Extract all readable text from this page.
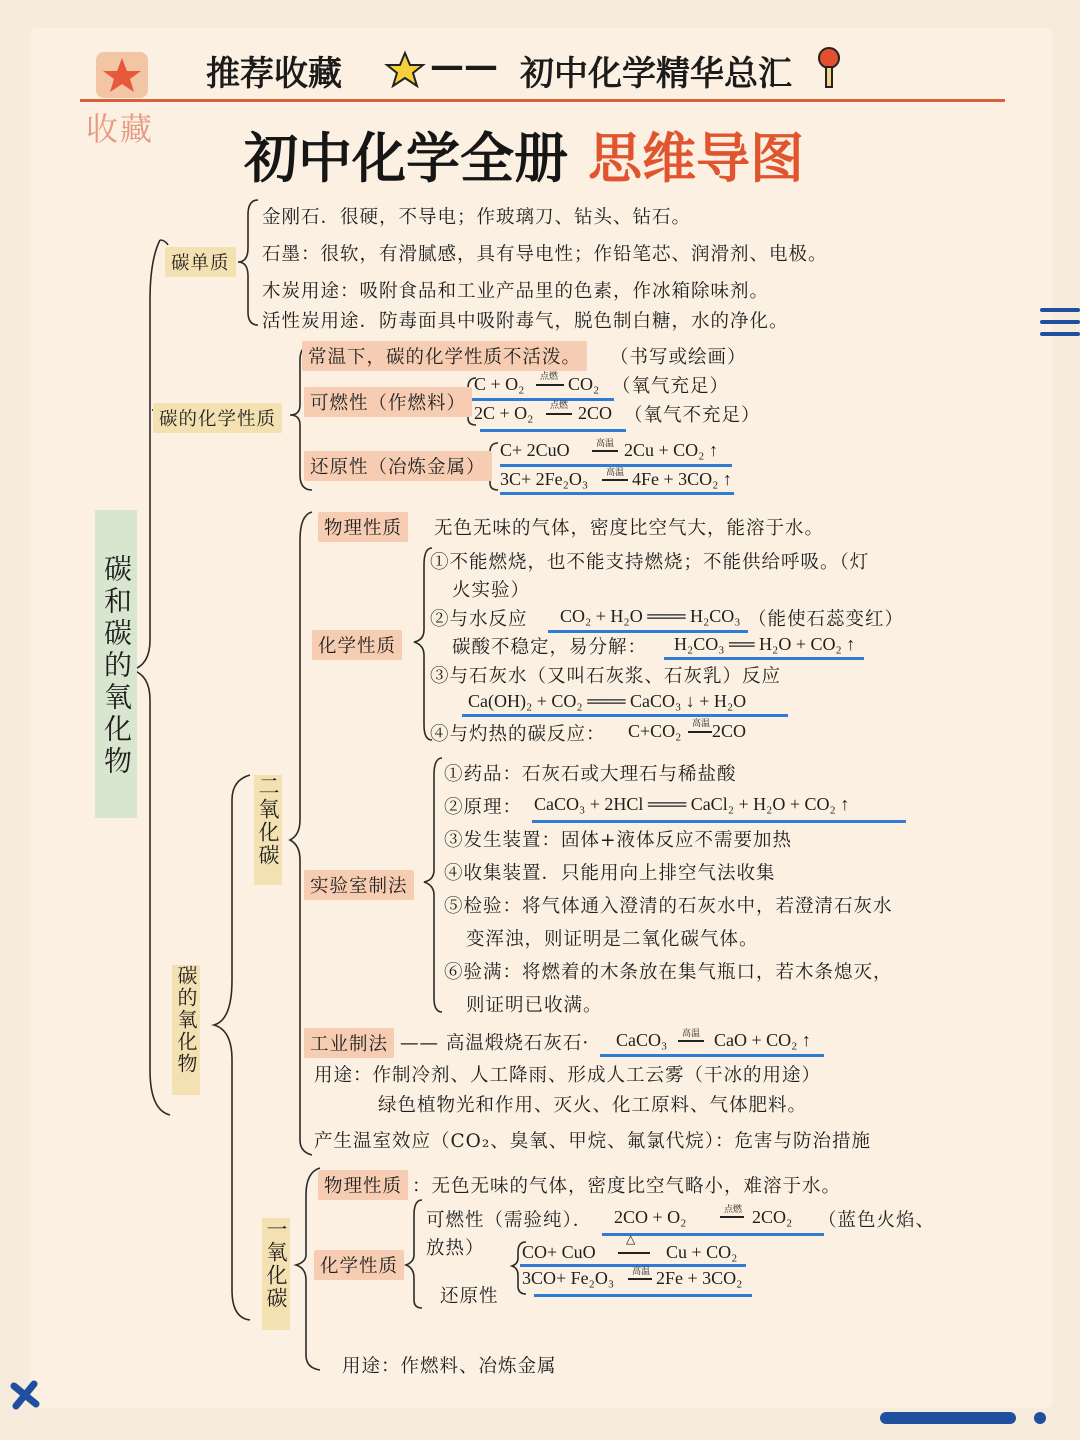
收藏
推荐收藏	—— 初中化学精华总汇
初中化学全册 思维导图
碳和碳的氧化物
碳单质
金刚石．很硬，不导电；作玻璃刀、钻头、钻石。
石墨：很软，有滑腻感，具有导电性；作铅笔芯、润滑剂、电极。
木炭用途：吸附食品和工业产品里的色素，作冰箱除味剂。
活性炭用途．防毒面具中吸附毒气，脱色制白糖，水的净化。
碳的化学性质
常温下，碳的化学性质不活泼。	（书写或绘画）
可燃性（作燃料）
C + O₂ 点燃 CO₂ （氧气充足）
2C + O₂ 点燃 2CO （氧气不充足）
还原性（冶炼金属）
C+ 2CuO	高温 2Cu + CO₂ ↑
3C+ 2Fe₂O₃ 高温 4Fe + 3CO₂ ↑
碳的氧化物
二氧化碳
物理性质	无色无味的气体，密度比空气大，能溶于水。
化学性质
①不能燃烧，也不能支持燃烧；不能供给呼吸。（灯
火实验）
②与水反应 CO₂ + H₂O ═══ H₂CO₃ （能使石蕊变红）
碳酸不稳定，易分解： H₂CO₃ ══ H₂O + CO₂ ↑
③与石灰水（又叫石灰浆、石灰乳）反应
Ca(OH)₂ + CO₂ ═══ CaCO₃ ↓ + H₂O
④与灼热的碳反应： C+CO₂ 高温 2CO
实验室制法
①药品：石灰石或大理石与稀盐酸
②原理： CaCO₃ + 2HCl ═══ CaCl₂ + H₂O + CO₂ ↑
③发生装置：固体+液体反应不需要加热
④收集装置．只能用向上排空气法收集
⑤检验：将气体通入澄清的石灰水中，若澄清石灰水
变浑浊，则证明是二氧化碳气体。
⑥验满：将燃着的木条放在集气瓶口，若木条熄灭，
则证明已收满。
工业制法 —— 高温煅烧石灰石· CaCO₃ 高温 CaO + CO₂ ↑
用途：作制冷剂、人工降雨、形成人工云雾（干冰的用途）
绿色植物光和作用、灭火、化工原料、气体肥料。
产生温室效应（CO₂、臭氧、甲烷、氟氯代烷）：危害与防治措施
一氧化碳
物理性质 ：无色无味的气体，密度比空气略小，难溶于水。
化学性质
可燃性（需验纯）． 2CO + O₂	点燃 2CO₂ （蓝色火焰、
放热）
还原性
CO+ CuO
△
Cu + CO₂
3CO+ Fe₂O₃ 高温 2Fe + 3CO₂
用途：作燃料、冶炼金属
